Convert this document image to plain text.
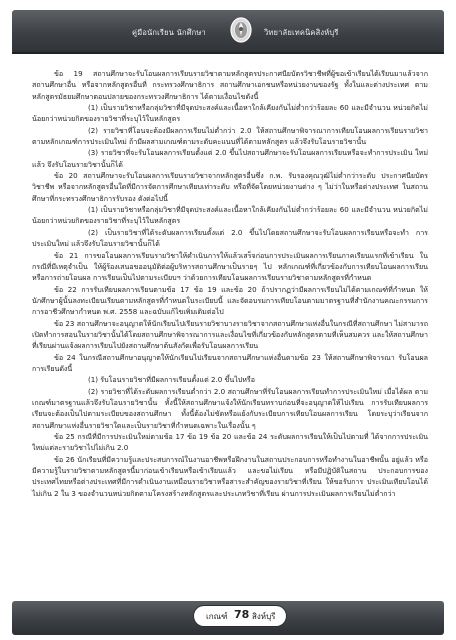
คู่มือนักเรียน นักศึกษา	วิทยาลัยเทคนิคสิงห์บุรี

ข้อ 19 สถานศึกษาจะรับโอนผลการเรียนรายวิชาตามหลักสูตรประกาศนียบัตรวิชาชีพที่ผู้ขอเข้าเรียนได้เรียนมาแล้วจากสถานศึกษาอื่น หรือจากหลักสูตรอื่นที่ กระทรวงศึกษาธิการ สถานศึกษาเอกชนหรือหน่วยงานของรัฐ ทั้งในและต่างประเทศ ตามหลักสูตรมัธยมศึกษาตอนปลายของกระทรวงศึกษาธิการ ได้ตามเงื่อนไขดังนี้

(1) เป็นรายวิชาหรือกลุ่มวิชาที่มีจุดประสงค์และเนื้อหาใกล้เคียงกันไม่ต่ำกว่าร้อยละ 60 และมีจำนวน หน่วยกิตไม่น้อยกว่าหน่วยกิตของรายวิชาที่ระบุไว้ในหลักสูตร

(2) รายวิชาที่โอนจะต้องมีผลการเรียนไม่ต่ำกว่า 2.0 ให้สถานศึกษาพิจารณาการเทียบโอนผลการเรียนรายวิชาตามหลักเกณฑ์การประเมินใหม่ ถ้ามีผลสามเกณฑ์ตามระดับคะแนนที่ได้ตามหลักสูตร แล้วจึงรับโอนรายวิชานั้น

(3) รายวิชาที่จะรับโอนผลการเรียนตั้งแต่ 2.0 ขึ้นไปสถานศึกษาจะรับโอนผลการเรียนหรือจะทำการประเมิน ใหม่แล้ว จึงรับโอนรายวิชานั้นก็ได้

ข้อ 20 สถานศึกษาจะรับโอนผลการเรียนรายวิชาจากหลักสูตรอื่นซึ่ง ก.พ. รับรองคุณวุฒิไม่ต่ำกว่าระดับ ประกาศนียบัตรวิชาชีพ หรือจากหลักสูตรอื่นใดที่มีการจัดการศึกษาเทียบเท่าระดับ หรือที่จัดโดยหน่วยงานต่าง ๆ ไม่ว่าในหรือต่างประเทศ ในสถานศึกษาที่กระทรวงศึกษาธิการรับรอง ดังต่อไปนี้

(1) เป็นรายวิชาหรือกลุ่มวิชาที่มีจุดประสงค์และเนื้อหาใกล้เคียงกันไม่ต่ำกว่าร้อยละ 60 และมีจำนวน หน่วยกิตไม่น้อยกว่าหน่วยกิตของรายวิชาที่ระบุไว้ในหลักสูตร

(2) เป็นรายวิชาที่ได้ระดับผลการเรียนตั้งแต่ 2.0 ขึ้นไปโดยสถานศึกษาจะรับโอนผลการเรียนหรือจะทำ การประเมินใหม่ แล้วจึงรับโอนรายวิชานั้นก็ได้

ข้อ 21 การขอโอนผลการเรียนรายวิชาให้ดำเนินการให้แล้วเสร็จก่อนการประเมินผลการเรียนภาคเรียนแรกที่เข้าเรียน ในกรณีที่มีเหตุจำเป็น ให้ผู้ร้องเสนอขออนุมัติต่อผู้บริหารสถานศึกษาเป็นรายๆ ไป หลักเกณฑ์ที่เกี่ยวข้องกับการเทียบโอนผลการเรียนหรือการถ่ายโอนผล การเรียนเป็นไปตามระเบียบฯ ว่าด้วยการเทียบโอนผลการเรียนรายวิชาตามหลักสูตรที่กำหนด

ข้อ 22 การรับเทียบผลการเรียนตามข้อ 17 ข้อ 19 และข้อ 20 ถ้าปรากฏว่ามีผลการเรียนไม่ได้ตามเกณฑ์ที่กำหนด ให้นักศึกษาผู้นั้นลงทะเบียนเรียนตามหลักสูตรที่กำหนดในระเบียบนี้ และจัดอบรมการเทียบโอนตามมาตรฐานที่สำนักงานคณะกรรมการการอาชีวศึกษากำหนด พ.ศ. 2558 และฉบับแก้ไขเพิ่มเติมต่อไป

ข้อ 23 สถานศึกษาจะอนุญาตให้นักเรียนไปเรียนรายวิชาบางรายวิชาจากสถานศึกษาแห่งอื่นในกรณีที่สถานศึกษา ไม่สามารถเปิดทำการสอนในรายวิชานั้นได้โดยสถานศึกษาพิจารณาการและเงื่อนไขที่เกี่ยวข้องกับหลักสูตรตามที่เห็นสมควร และให้สถานศึกษาที่เรียนผ่านแจ้งผลการเรียนไปยังสถานศึกษาต้นสังกัดเพื่อรับโอนผลการเรียน

ข้อ 24 ในกรณีสถานศึกษาอนุญาตให้นักเรียนไปเรียนจากสถานศึกษาแห่งอื่นตามข้อ 23 ให้สถานศึกษาพิจารณา รับโอนผลการเรียนดังนี้

(1) รับโอนรายวิชาที่มีผลการเรียนตั้งแต่ 2.0 ขึ้นไปหรือ

(2) รายวิชาที่ได้ระดับผลการเรียนต่ำกว่า 2.0 สถานศึกษาที่รับโอนผลการเรียนทำการประเมินใหม่ เมื่อได้ผล ตามเกณฑ์มาตรฐานแล้วจึงรับโอนรายวิชานั้น ทั้งนี้ให้สถานศึกษาแจ้งให้นักเรียนทราบก่อนที่จะอนุญาตให้ไปเรียน การรับเทียบผลการเรียนจะต้องเป็นไปตามระเบียบของสถานศึกษา ทั้งนี้ต้องไม่ขัดหรือแย้งกับระเบียบการเทียบโอนผลการเรียน โดยระบุว่าเรียนจากสถานศึกษาแห่งอื่นรายวิชาใดและเป็นรายวิชาที่กำหนดเฉพาะในเรื่องนั้น ๆ

ข้อ 25 กรณีที่มีการประเมินใหม่ตามข้อ 17 ข้อ 19 ข้อ 20 และข้อ 24 ระดับผลการเรียนให้เป็นไปตามที่ ได้จากการประเมินใหม่แต่ละรายวิชาไปไม่เกิน 2.0

ข้อ 26 นักเรียนที่มีความรู้และประสบการณ์ในงานอาชีพหรือฝึกงานในสถานประกอบการหรือทำงานในอาชีพนั้น อยู่แล้ว หรือมีความรู้ในรายวิชาตามหลักสูตรนี้มาก่อนเข้าเรียนหรือเข้าเรียนแล้ว และขอไม่เรียน หรือมีปฏิบัติในสถาน ประกอบการของประเทศไทยหรือต่างประเทศที่มีการดำเนินงานเหมือนรายวิชาหรือสาระสำคัญของรายวิชาที่เรียน ให้ขอรับการ ประเมินเทียบโอนได้ไม่เกิน 2 ใน 3 ของจำนวนหน่วยกิตตามโครงสร้างหลักสูตรและประเภทวิชาที่เรียน ผ่านการประเมินผลการเรียนไม่ต่ำกว่า

เกณฑ์ 78 สิงห์บุรี
